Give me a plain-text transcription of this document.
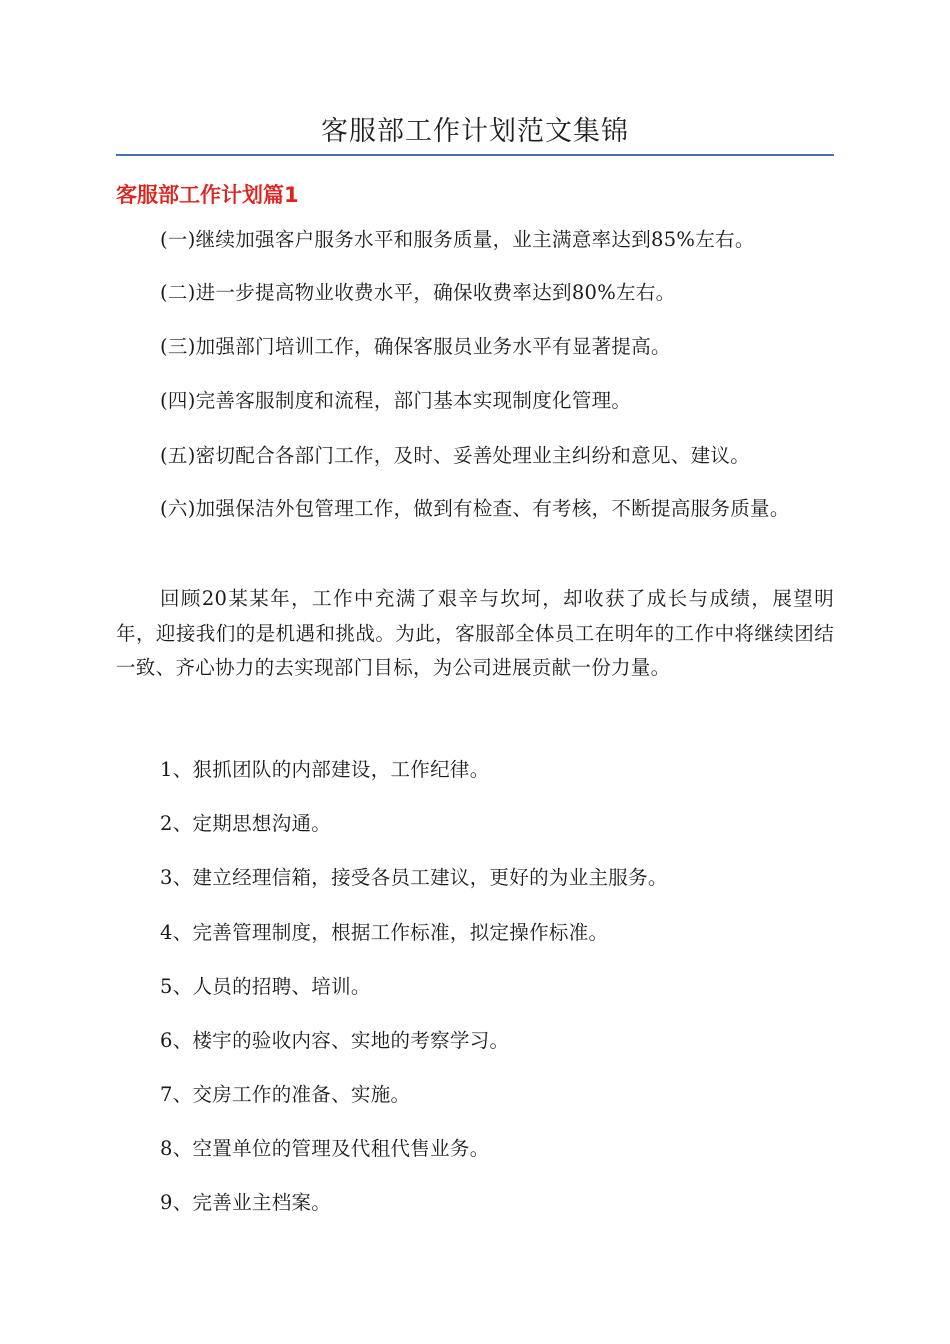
客服部工作计划范文集锦
客服部工作计划篇1

(一)继续加强客户服务水平和服务质量，业主满意率达到85%左右。

(二)进一步提高物业收费水平，确保收费率达到80%左右。

(三)加强部门培训工作，确保客服员业务水平有显著提高。

(四)完善客服制度和流程，部门基本实现制度化管理。

(五)密切配合各部门工作，及时、妥善处理业主纠纷和意见、建议。

(六)加强保洁外包管理工作，做到有检查、有考核，不断提高服务质量。

回顾20某某年，工作中充满了艰辛与坎坷，却收获了成长与成绩，展望明年，迎接我们的是机遇和挑战。为此，客服部全体员工在明年的工作中将继续团结一致、齐心协力的去实现部门目标，为公司进展贡献一份力量。

1、狠抓团队的内部建设，工作纪律。

2、定期思想沟通。

3、建立经理信箱，接受各员工建议，更好的为业主服务。

4、完善管理制度，根据工作标准，拟定操作标准。

5、人员的招聘、培训。

6、楼宇的验收内容、实地的考察学习。

7、交房工作的准备、实施。

8、空置单位的管理及代租代售业务。

9、完善业主档案。
